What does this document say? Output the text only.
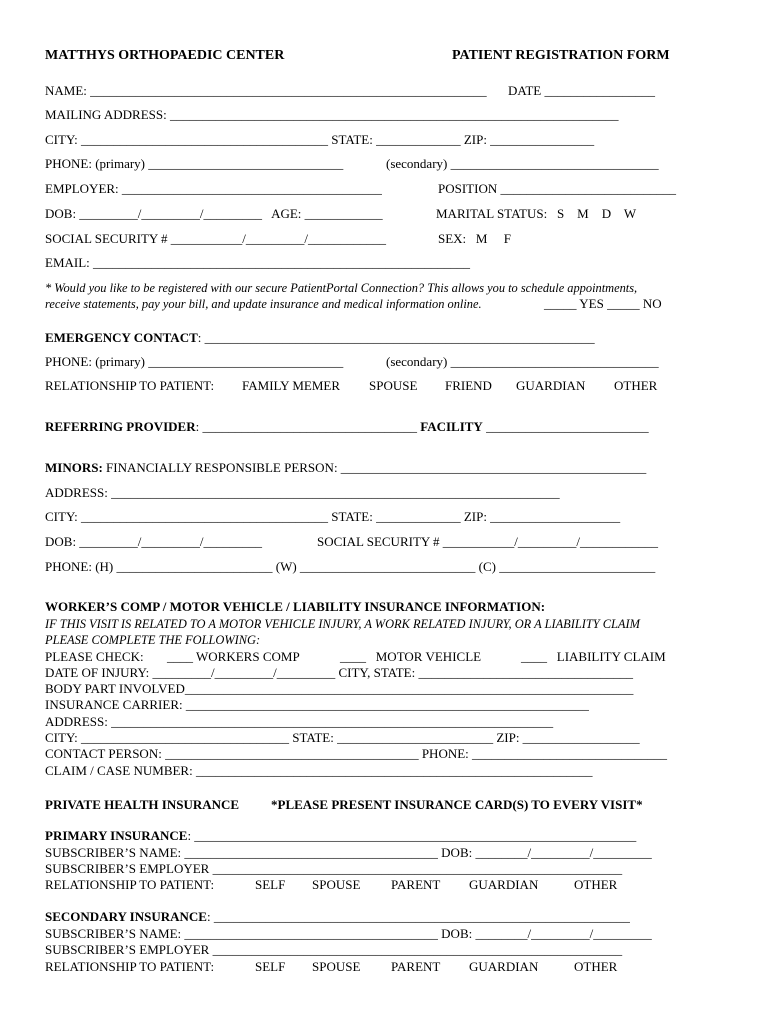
MATTHYS ORTHOPAEDIC CENTER	PATIENT REGISTRATION FORM
NAME: _____________________________________________________________ DATE _________________
MAILING ADDRESS: _____________________________________________________________________
CITY: ______________________________________ STATE: _____________ ZIP: ________________
PHONE: (primary) ______________________________	(secondary) ________________________________
EMPLOYER: ________________________________________	POSITION ___________________________
DOB: _________/_________/_________   AGE: ____________	MARITAL STATUS:   S    M    D    W
SOCIAL SECURITY # ___________/_________/____________	SEX:   M     F
EMAIL: __________________________________________________________
* Would you like to be registered with our secure PatientPortal Connection? This allows you to schedule appointments,
receive statements, pay your bill, and update insurance and medical information online.	_____ YES _____ NO
EMERGENCY CONTACT: ____________________________________________________________
PHONE: (primary) ______________________________	(secondary) ________________________________
RELATIONSHIP TO PATIENT: FAMILY MEMER SPOUSE FRIEND GUARDIAN OTHER
REFERRING PROVIDER: _________________________________ FACILITY _________________________
MINORS: FINANCIALLY RESPONSIBLE PERSON: _______________________________________________
ADDRESS: _____________________________________________________________________
CITY: ______________________________________ STATE: _____________ ZIP: ____________________
DOB: _________/_________/_________	SOCIAL SECURITY # ___________/_________/____________
PHONE: (H) ________________________ (W) ___________________________ (C) ________________________
WORKER’S COMP / MOTOR VEHICLE / LIABILITY INSURANCE INFORMATION:
IF THIS VISIT IS RELATED TO A MOTOR VEHICLE INJURY, A WORK RELATED INJURY, OR A LIABILITY CLAIM
PLEASE COMPLETE THE FOLLOWING:
PLEASE CHECK: ____ WORKERS COMP	____   MOTOR VEHICLE	____   LIABILITY CLAIM
DATE OF INJURY: _________/_________/_________ CITY, STATE: _________________________________
BODY PART INVOLVED_____________________________________________________________________
INSURANCE CARRIER: ______________________________________________________________
ADDRESS: ____________________________________________________________________
CITY: ________________________________ STATE: ________________________ ZIP: __________________
CONTACT PERSON: _______________________________________ PHONE: ______________________________
CLAIM / CASE NUMBER: _____________________________________________________________
PRIVATE HEALTH INSURANCE *PLEASE PRESENT INSURANCE CARD(S) TO EVERY VISIT*
PRIMARY INSURANCE: ____________________________________________________________________
SUBSCRIBER’S NAME: _______________________________________ DOB: ________/_________/_________
SUBSCRIBER’S EMPLOYER _______________________________________________________________
RELATIONSHIP TO PATIENT:	SELF SPOUSE PARENT GUARDIAN	OTHER
SECONDARY INSURANCE: ________________________________________________________________
SUBSCRIBER’S NAME: _______________________________________ DOB: ________/_________/_________
SUBSCRIBER’S EMPLOYER _______________________________________________________________
RELATIONSHIP TO PATIENT:	SELF SPOUSE PARENT GUARDIAN	OTHER
